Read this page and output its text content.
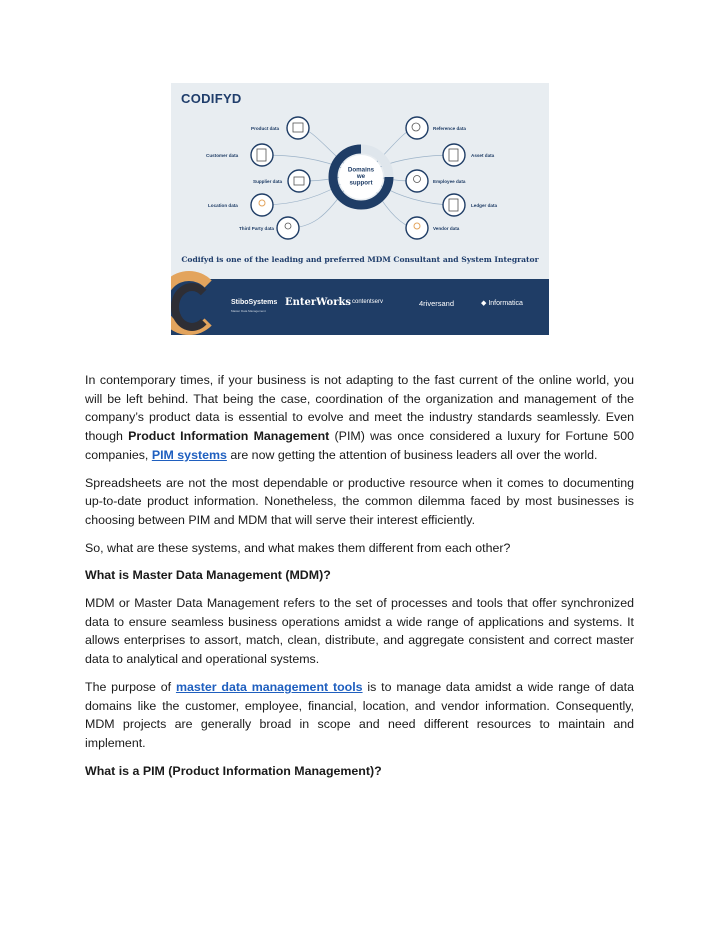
CODIFYD
Product data
Customer data
Supplier data
Location data
Third Party data
Reference data
Asset data
Employee data
Ledger data
Vendor data
Domains we support
Codifyd is one of the leading and preferred MDM Consultant and System Integrator
StiboSystems
Master Data Management
EnterWorks contentserv	4riversand	◆ Informatica

In contemporary times, if your business is not adapting to the fast current of the online world, you will be left behind. That being the case, coordination of the organization and management of the company’s product data is essential to evolve and meet the industry standards seamlessly. Even though Product Information Management (PIM) was once considered a luxury for Fortune 500 companies, PIM systems are now getting the attention of business leaders all over the world.

Spreadsheets are not the most dependable or productive resource when it comes to documenting up-to-date product information. Nonetheless, the common dilemma faced by most businesses is choosing between PIM and MDM that will serve their interest efficiently.

So, what are these systems, and what makes them different from each other?

What is Master Data Management (MDM)?

MDM or Master Data Management refers to the set of processes and tools that offer synchronized data to ensure seamless business operations amidst a wide range of applications and systems. It allows enterprises to assort, match, clean, distribute, and aggregate consistent and correct master data to analytical and operational systems.

The purpose of master data management tools is to manage data amidst a wide range of data domains like the customer, employee, financial, location, and vendor information. Consequently, MDM projects are generally broad in scope and need different resources to maintain and implement.

What is a PIM (Product Information Management)?
